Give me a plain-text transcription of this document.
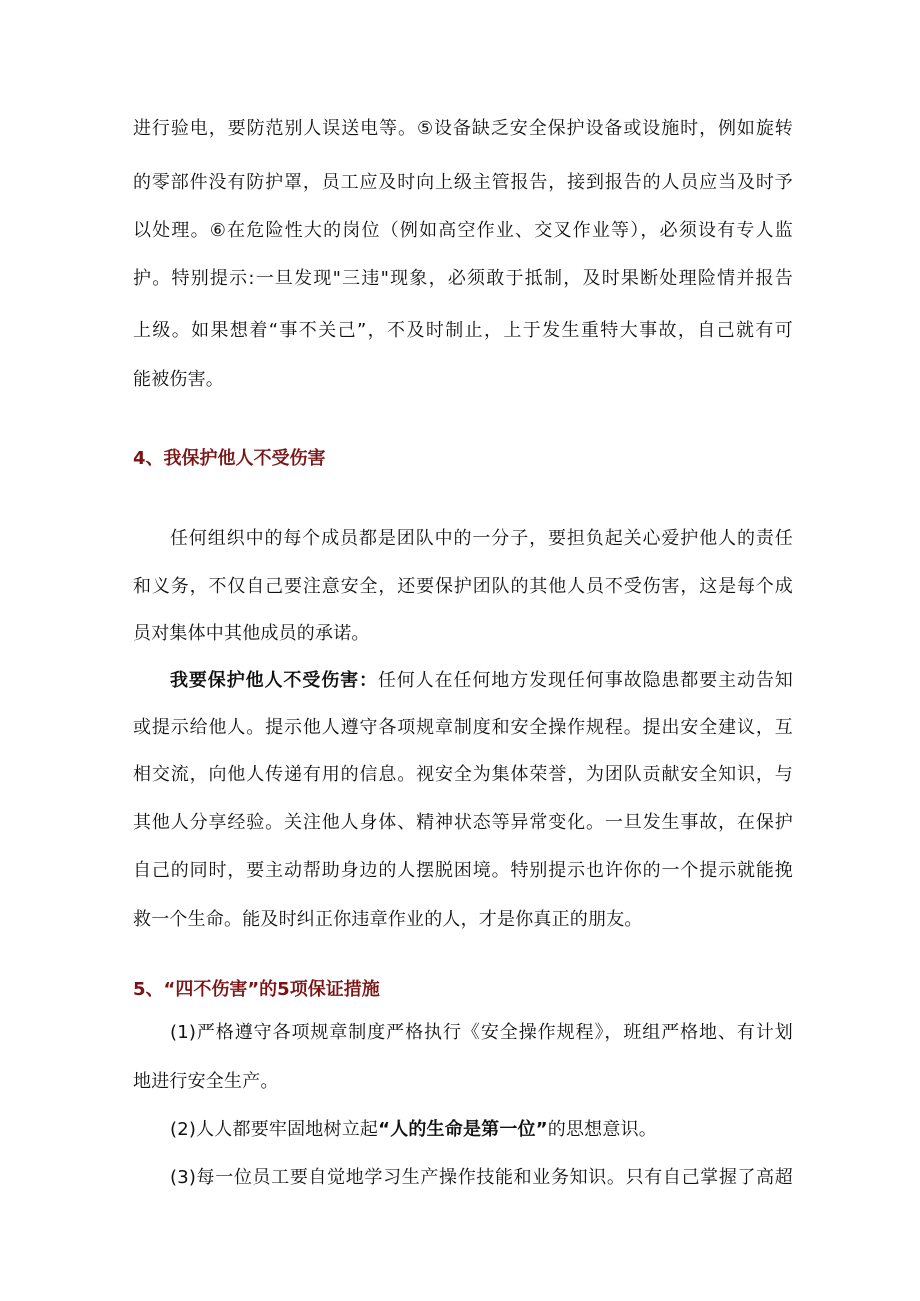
进行验电，要防范别人误送电等。⑤设备缺乏安全保护设备或设施时，例如旋转
的零部件没有防护罩，员工应及时向上级主管报告，接到报告的人员应当及时予
以处理。⑥在危险性大的岗位（例如高空作业、交叉作业等），必须设有专人监
护。特别提示:一旦发现"三违"现象，必须敢于抵制，及时果断处理险情并报告
上级。如果想着“事不关己”，不及时制止，上于发生重特大事故，自己就有可
能被伤害。
4、我保护他人不受伤害
任何组织中的每个成员都是团队中的一分子，要担负起关心爱护他人的责任
和义务，不仅自己要注意安全，还要保护团队的其他人员不受伤害，这是每个成
员对集体中其他成员的承诺。
我要保护他人不受伤害：任何人在任何地方发现任何事故隐患都要主动告知
或提示给他人。提示他人遵守各项规章制度和安全操作规程。提出安全建议，互
相交流，向他人传递有用的信息。视安全为集体荣誉，为团队贡献安全知识，与
其他人分享经验。关注他人身体、精神状态等异常变化。一旦发生事故，在保护
自己的同时，要主动帮助身边的人摆脱困境。特别提示也许你的一个提示就能挽
救一个生命。能及时纠正你违章作业的人，才是你真正的朋友。
5、“四不伤害”的5项保证措施
(1)严格遵守各项规章制度严格执行《安全操作规程》，班组严格地、有计划
地进行安全生产。
(2)人人都要牢固地树立起“人的生命是第一位”的思想意识。
(3)每一位员工要自觉地学习生产操作技能和业务知识。只有自己掌握了高超
